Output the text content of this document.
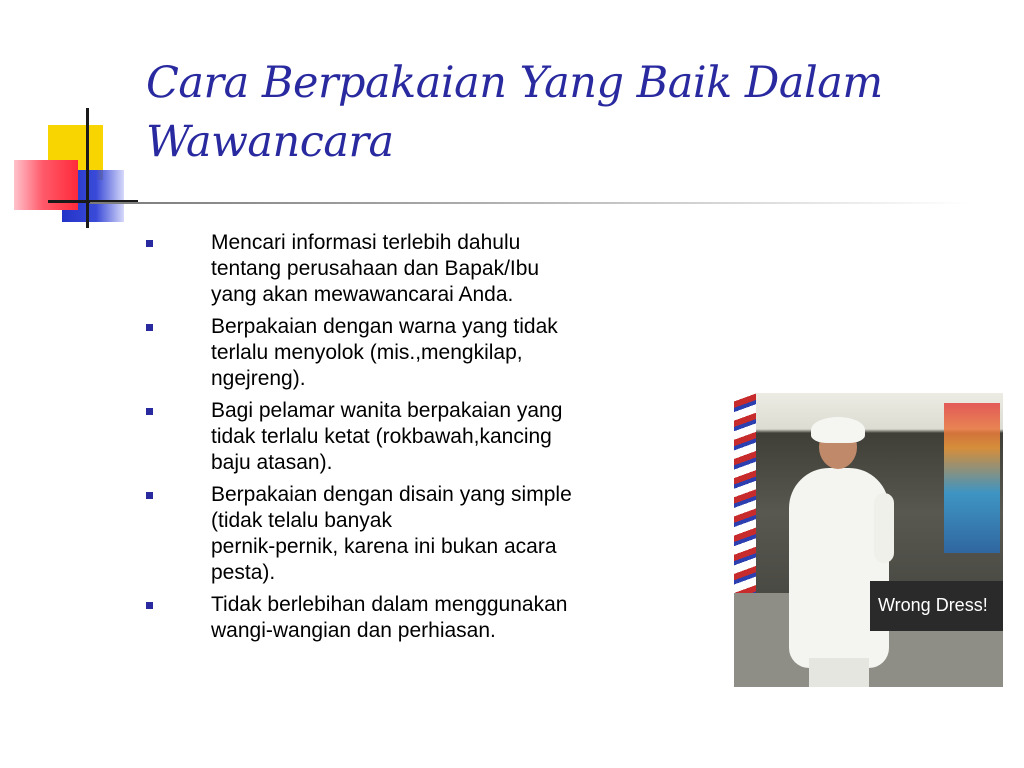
Cara Berpakaian Yang Baik Dalam
Wawancara
Mencari informasi terlebih dahulu
tentang perusahaan dan Bapak/Ibu
yang akan mewawancarai Anda.
Berpakaian dengan warna yang tidak
terlalu menyolok (mis.,mengkilap,
ngejreng).
Bagi pelamar wanita berpakaian yang
tidak terlalu ketat (rokbawah,kancing
baju atasan).
Berpakaian dengan disain yang simple
(tidak telalu banyak
pernik-pernik, karena ini bukan acara
pesta).
Tidak berlebihan dalam menggunakan
wangi-wangian dan perhiasan.
Wrong Dress!
